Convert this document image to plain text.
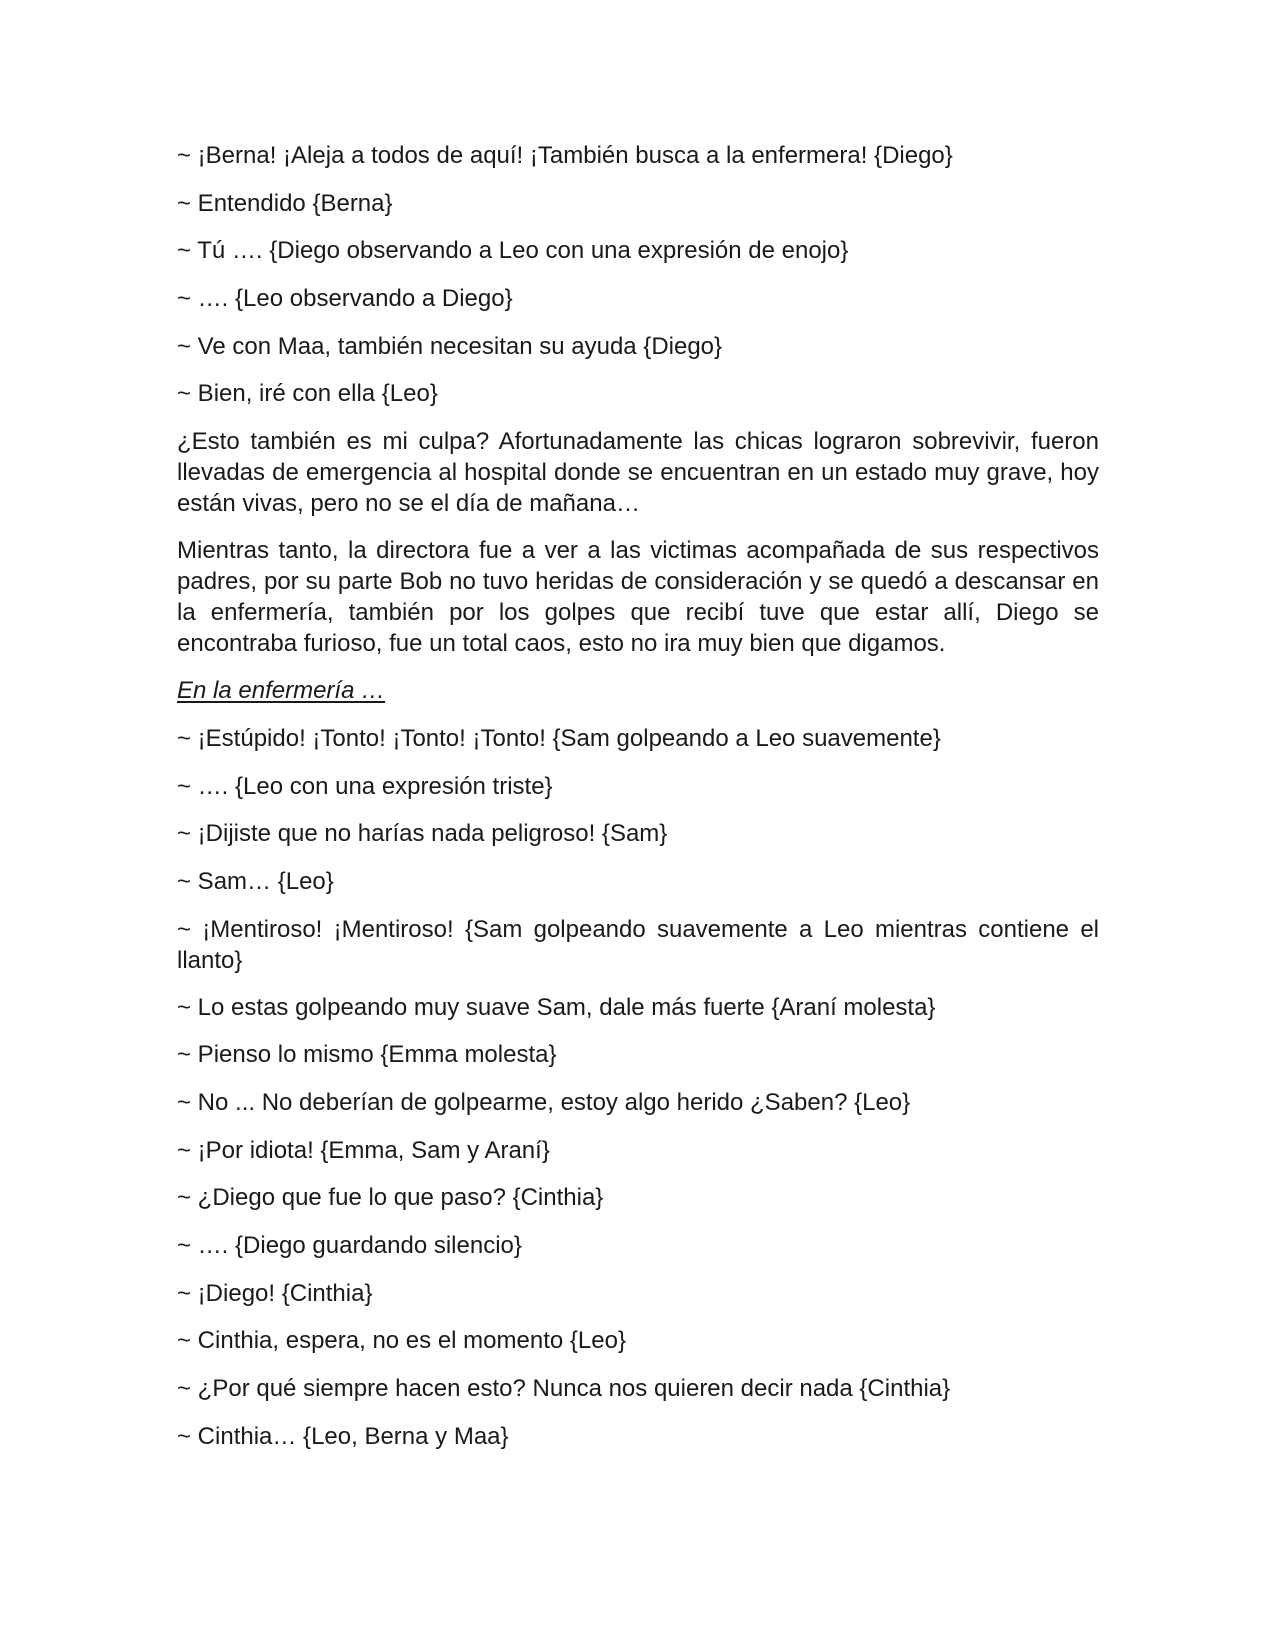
~ ¡Berna! ¡Aleja a todos de aquí! ¡También busca a la enfermera! {Diego}

~ Entendido {Berna}

~ Tú …. {Diego observando a Leo con una expresión de enojo}

~ …. {Leo observando a Diego}

~ Ve con Maa, también necesitan su ayuda {Diego}

~ Bien, iré con ella {Leo}

¿Esto también es mi culpa? Afortunadamente las chicas lograron sobrevivir, fueron llevadas de emergencia al hospital donde se encuentran en un estado muy grave, hoy están vivas, pero no se el día de mañana…

Mientras tanto, la directora fue a ver a las victimas acompañada de sus respectivos padres, por su parte Bob no tuvo heridas de consideración y se quedó a descansar en la enfermería, también por los golpes que recibí tuve que estar allí, Diego se encontraba furioso, fue un total caos, esto no ira muy bien que digamos.

En la enfermería …

~ ¡Estúpido! ¡Tonto! ¡Tonto! ¡Tonto! {Sam golpeando a Leo suavemente}

~ …. {Leo con una expresión triste}

~ ¡Dijiste que no harías nada peligroso! {Sam}

~ Sam… {Leo}

~ ¡Mentiroso! ¡Mentiroso! {Sam golpeando suavemente a Leo mientras contiene el llanto}

~ Lo estas golpeando muy suave Sam, dale más fuerte {Araní molesta}

~ Pienso lo mismo {Emma molesta}

~ No ... No deberían de golpearme, estoy algo herido ¿Saben? {Leo}

~ ¡Por idiota! {Emma, Sam y Araní}

~ ¿Diego que fue lo que paso? {Cinthia}

~ …. {Diego guardando silencio}

~ ¡Diego! {Cinthia}

~ Cinthia, espera, no es el momento {Leo}

~ ¿Por qué siempre hacen esto? Nunca nos quieren decir nada {Cinthia}

~ Cinthia… {Leo, Berna y Maa}
